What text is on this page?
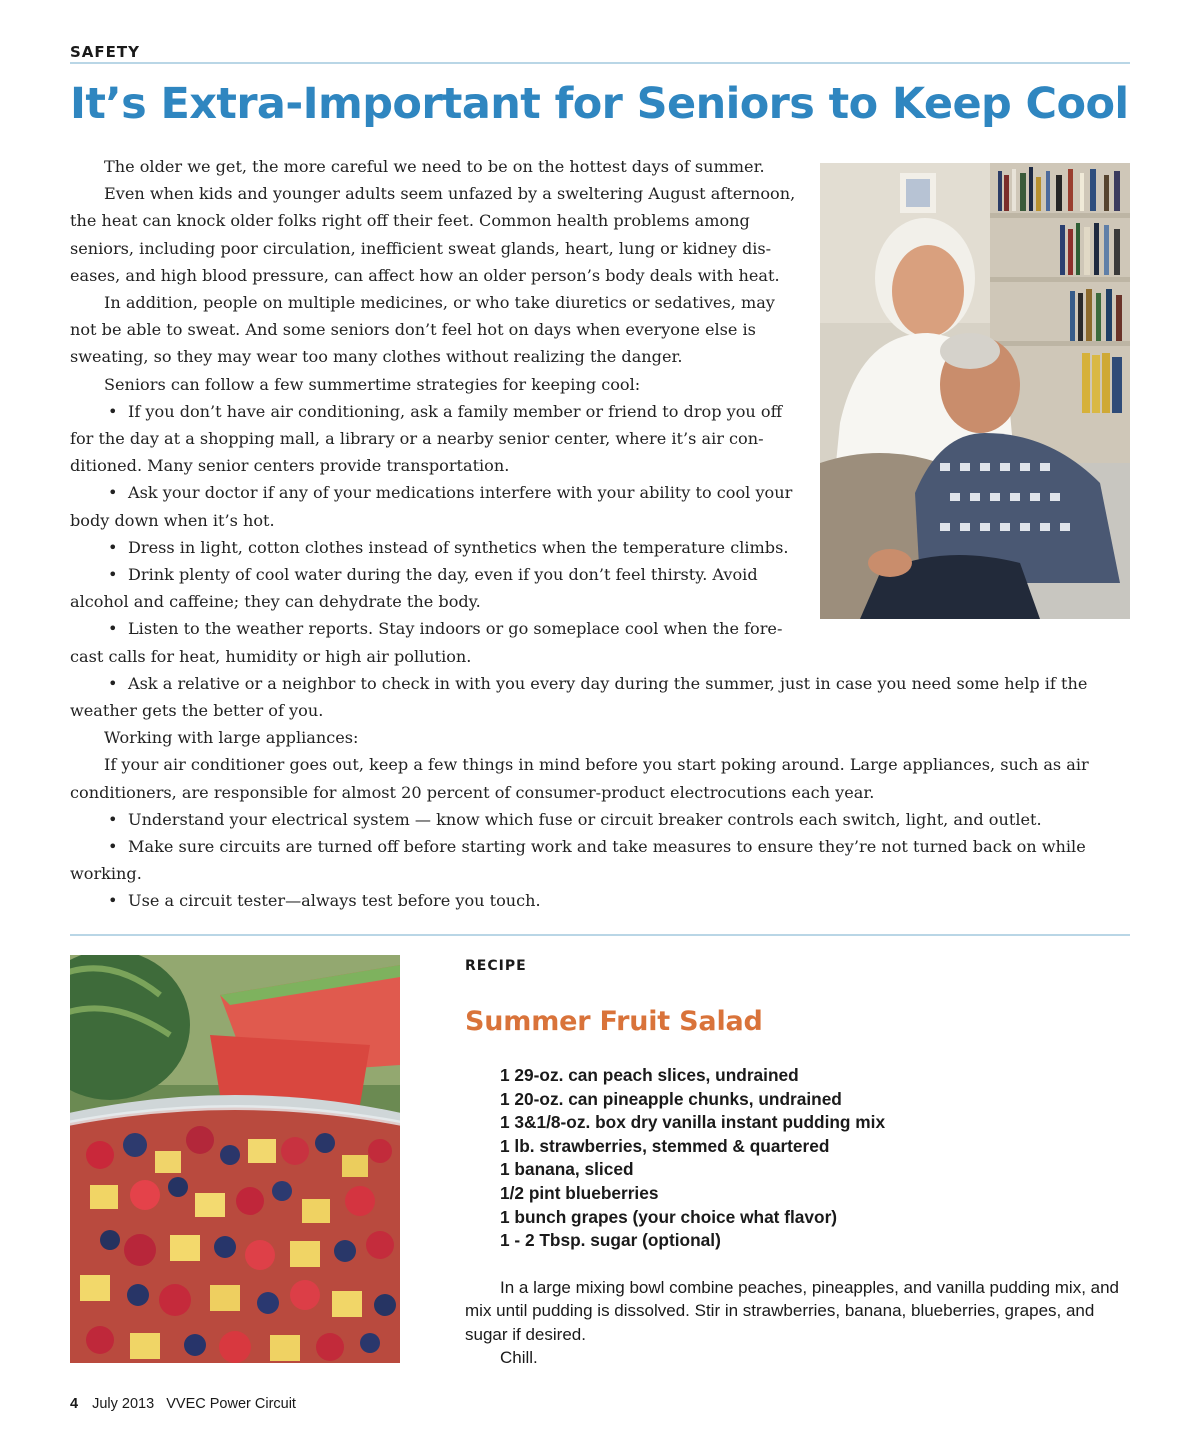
SAFETY
It’s Extra-Important for Seniors to Keep Cool

The older we get, the more careful we need to be on the hottest days of summer.

Even when kids and younger adults seem unfazed by a sweltering August afternoon, the heat can knock older folks right off their feet. Common health problems among seniors, including poor circulation, inefficient sweat glands, heart, lung or kidney diseases, and high blood pressure, can affect how an older person’s body deals with heat.

In addition, people on multiple medicines, or who take diuretics or sedatives, may not be able to sweat. And some seniors don’t feel hot on days when everyone else is sweating, so they may wear too many clothes without realizing the danger.

Seniors can follow a few summertime strategies for keeping cool:

• If you don’t have air conditioning, ask a family member or friend to drop you off for the day at a shopping mall, a library or a nearby senior center, where it’s air conditioned. Many senior centers provide transportation.

• Ask your doctor if any of your medications interfere with your ability to cool your body down when it’s hot.

• Dress in light, cotton clothes instead of synthetics when the temperature climbs.

• Drink plenty of cool water during the day, even if you don’t feel thirsty. Avoid alcohol and caffeine; they can dehydrate the body.

• Listen to the weather reports. Stay indoors or go someplace cool when the forecast calls for heat, humidity or high air pollution.

• Ask a relative or a neighbor to check in with you every day during the summer, just in case you need some help if the weather gets the better of you.

Working with large appliances:

If your air conditioner goes out, keep a few things in mind before you start poking around. Large appliances, such as air conditioners, are responsible for almost 20 percent of consumer-product electrocutions each year.

• Understand your electrical system — know which fuse or circuit breaker controls each switch, light, and outlet.

• Make sure circuits are turned off before starting work and take measures to ensure they’re not turned back on while working.

• Use a circuit tester—always test before you touch.

RECIPE
Summer Fruit Salad
1 29-oz. can peach slices, undrained
1 20-oz. can pineapple chunks, undrained
1 3&1/8-oz. box dry vanilla instant pudding mix
1 lb. strawberries, stemmed & quartered
1 banana, sliced
1/2 pint blueberries
1 bunch grapes (your choice what flavor)
1 - 2 Tbsp. sugar (optional)

In a large mixing bowl combine peaches, pineapples, and vanilla pudding mix, and mix until pudding is dissolved. Stir in strawberries, banana, blueberries, grapes, and sugar if desired.

Chill.

4 July 2013   VVEC Power Circuit
